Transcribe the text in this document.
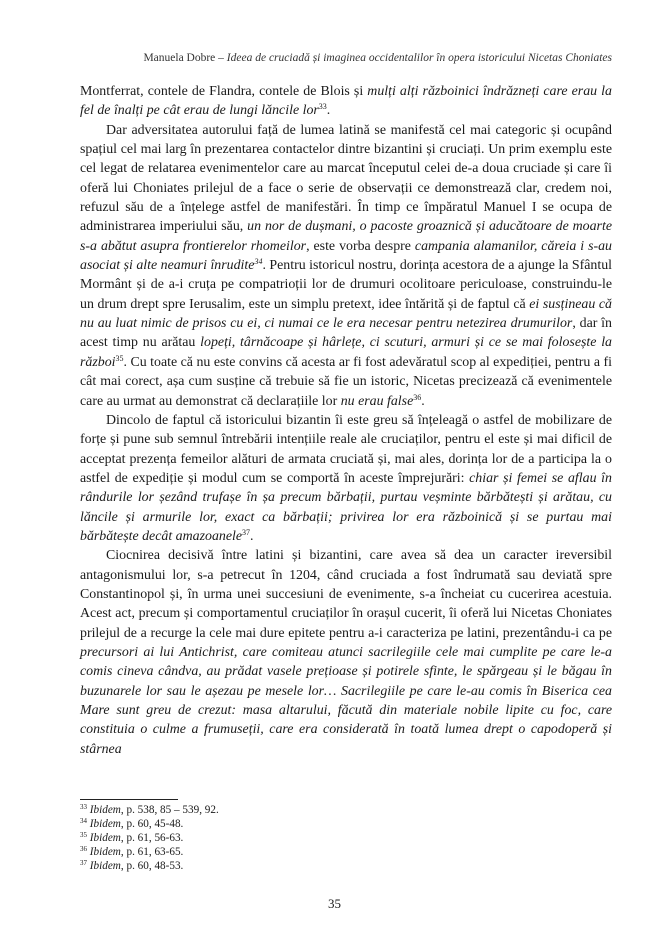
Manuela Dobre – Ideea de cruciadă și imaginea occidentalilor în opera istoricului Nicetas Choniates

Montferrat, contele de Flandra, contele de Blois și mulți alți războinici îndrăzneți care erau la fel de înalți pe cât erau de lungi lăncile lor$^{33}$.

Dar adversitatea autorului față de lumea latină se manifestă cel mai categoric și ocupând spațiul cel mai larg în prezentarea contactelor dintre bizantini și cruciați. Un prim exemplu este cel legat de relatarea evenimentelor care au marcat începutul celei de-a doua cruciade și care îi oferă lui Choniates prilejul de a face o serie de observații ce demonstrează clar, credem noi, refuzul său de a înțelege astfel de manifestări. În timp ce împăratul Manuel I se ocupa de administrarea imperiului său, un nor de dușmani, o pacoste groaznică și aducătoare de moarte s-a abătut asupra frontierelor rhomeilor, este vorba despre campania alamanilor, căreia i s-au asociat și alte neamuri înrudite$^{34}$. Pentru istoricul nostru, dorința acestora de a ajunge la Sfântul Mormânt și de a-i cruța pe compatrioții lor de drumuri ocolitoare periculoase, construindu-le un drum drept spre Ierusalim, este un simplu pretext, idee întărită și de faptul că ei susțineau că nu au luat nimic de prisos cu ei, ci numai ce le era necesar pentru netezirea drumurilor, dar în acest timp nu arătau lopeți, târnăcoape și hârlețe, ci scuturi, armuri și ce se mai folosește la război$^{35}$. Cu toate că nu este convins că acesta ar fi fost adevăratul scop al expediției, pentru a fi cât mai corect, așa cum susține că trebuie să fie un istoric, Nicetas precizează că evenimentele care au urmat au demonstrat că declarațiile lor nu erau false$^{36}$.

Dincolo de faptul că istoricului bizantin îi este greu să înțeleagă o astfel de mobilizare de forțe și pune sub semnul întrebării intențiile reale ale cruciaților, pentru el este și mai dificil de acceptat prezența femeilor alături de armata cruciată și, mai ales, dorința lor de a participa la o astfel de expediție și modul cum se comportă în aceste împrejurări: chiar și femei se aflau în rândurile lor șezând trufașe în șa precum bărbații, purtau veșminte bărbătești și arătau, cu lăncile și armurile lor, exact ca bărbații; privirea lor era războinică și se purtau mai bărbătește decât amazoanele$^{37}$.

Ciocnirea decisivă între latini și bizantini, care avea să dea un caracter ireversibil antagonismului lor, s-a petrecut în 1204, când cruciada a fost îndrumată sau deviată spre Constantinopol și, în urma unei succesiuni de evenimente, s-a încheiat cu cucerirea acestuia. Acest act, precum și comportamentul cruciaților în orașul cucerit, îi oferă lui Nicetas Choniates prilejul de a recurge la cele mai dure epitete pentru a-i caracteriza pe latini, prezentându-i ca pe precursori ai lui Antichrist, care comiteau atunci sacrilegiile cele mai cumplite pe care le-a comis cineva cândva, au prădat vasele prețioase și potirele sfinte, le spărgeau și le băgau în buzunarele lor sau le așezau pe mesele lor… Sacrilegiile pe care le-au comis în Biserica cea Mare sunt greu de crezut: masa altarului, făcută din materiale nobile lipite cu foc, care constituia o culme a frumuseții, care era considerată în toată lumea drept o capodoperă și stârnea

$^{33}$ Ibidem, p. 538, 85 – 539, 92.
$^{34}$ Ibidem, p. 60, 45-48.
$^{35}$ Ibidem, p. 61, 56-63.
$^{36}$ Ibidem, p. 61, 63-65.
$^{37}$ Ibidem, p. 60, 48-53.
35
